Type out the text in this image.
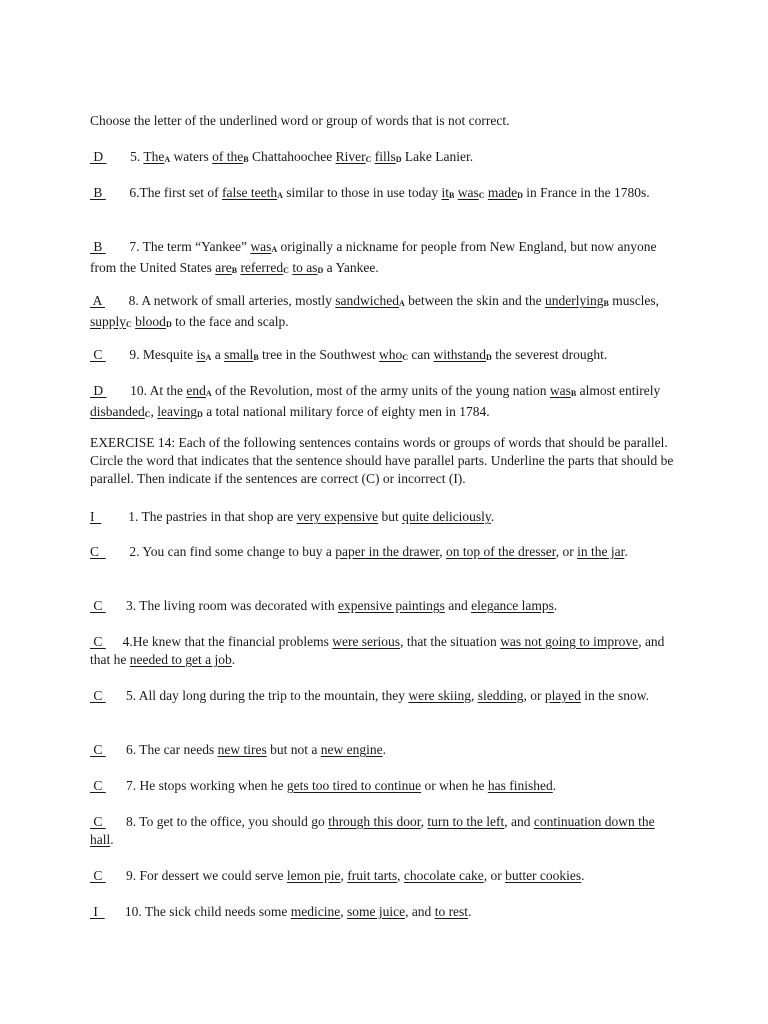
Choose the letter of the underlined word or group of words that is not correct.

D        5. TheA waters of theB Chattahoochee RiverC fillsD Lake Lanier.

B        6.The first set of false teethA similar to those in use today itB wasC madeD in France in the 1780s.

B        7. The term “Yankee” wasA originally a nickname for people from New England, but now anyone from the United States areB referredC to asD a Yankee.

A        8. A network of small arteries, mostly sandwichedA between the skin and the underlyingB muscles, supplyC bloodD to the face and scalp.

C        9. Mesquite isA a smallB tree in the Southwest whoC can withstandD the severest drought.

D        10. At the endA of the Revolution, most of the army units of the young nation wasB almost entirely disbandedC, leavingD a total national military force of eighty men in 1784.

EXERCISE 14: Each of the following sentences contains words or groups of words that should be parallel. Circle the word that indicates that the sentence should have parallel parts. Underline the parts that should be parallel. Then indicate if the sentences are correct (C) or incorrect (I).

I          1. The pastries in that shop are very expensive but quite deliciously.

C         2. You can find some change to buy a paper in the drawer, on top of the dresser, or in the jar.

C       3. The living room was decorated with expensive paintings and elegance lamps.

C      4.He knew that the financial problems were serious, that the situation was not going to improve, and that he needed to get a job.

C       5. All day long during the trip to the mountain, they were skiing, sledding, or played in the snow.

C       6. The car needs new tires but not a new engine.

C       7. He stops working when he gets too tired to continue or when he has finished.

C       8. To get to the office, you should go through this door, turn to the left, and continuation down the hall.

C       9. For dessert we could serve lemon pie, fruit tarts, chocolate cake, or butter cookies.

I        10. The sick child needs some medicine, some juice, and to rest.
